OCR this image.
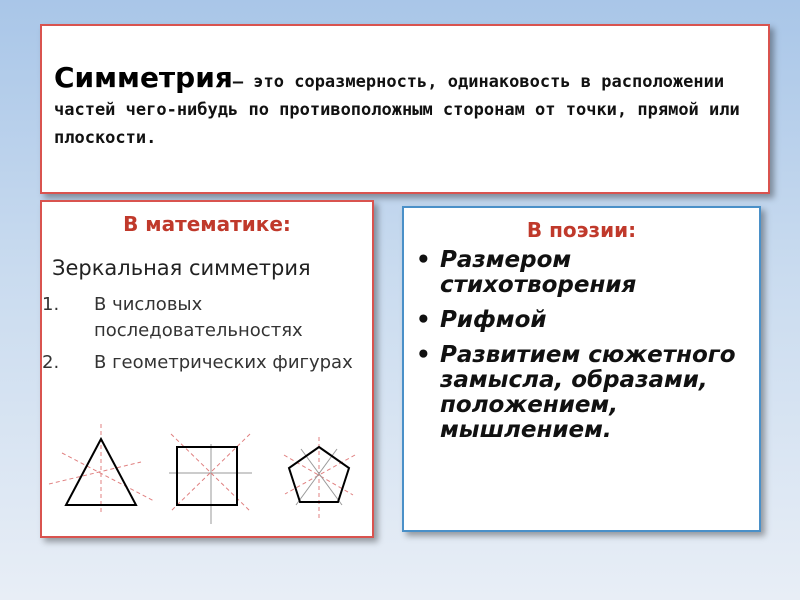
Симметрия– это соразмерность, одинаковость в расположении частей чего-нибудь по противоположным сторонам от точки, прямой или плоскости.
В математике:
Зеркальная симметрия
1. В числовых последовательностях
2. В геометрических фигурах
В поэзии:
• Размером стихотворения
• Рифмой
• Развитием сюжетного замысла, образами, положением, мышлением.
